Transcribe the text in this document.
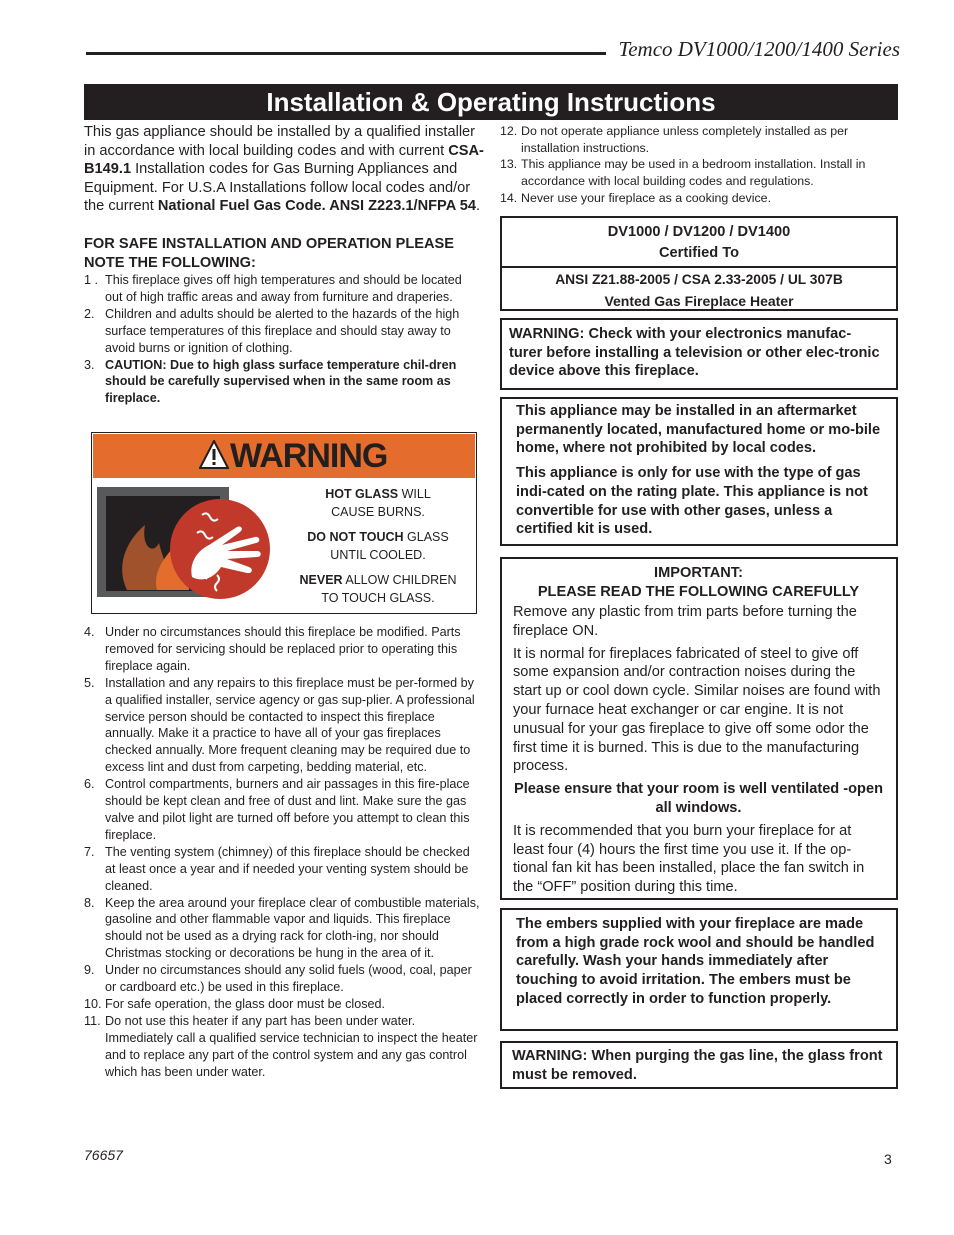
Temco DV1000/1200/1400 Series
Installation & Operating Instructions

This gas appliance should be installed by a qualified installer in accordance with local building codes and with current CSA-B149.1 Installation codes for Gas Burning Appliances and Equipment. For U.S.A Installations follow local codes and/or the current National Fuel Gas Code. ANSI Z223.1/NFPA 54.

FOR SAFE INSTALLATION AND OPERATION PLEASE NOTE THE FOLLOWING:
1 . This fireplace gives off high temperatures and should be located out of high traffic areas and away from furniture and draperies.
2. Children and adults should be alerted to the hazards of the high surface temperatures of this fireplace and should stay away to avoid burns or ignition of clothing.
3. CAUTION: Due to high glass surface temperature chil-dren should be carefully supervised when in the same room as fireplace.
WARNING
HOT GLASS WILL
CAUSE BURNS.
DO NOT TOUCH GLASS
UNTIL COOLED.
NEVER ALLOW CHILDREN
TO TOUCH GLASS.
4. Under no circumstances should this fireplace be modified. Parts removed for servicing should be replaced prior to operating this fireplace again.
5. Installation and any repairs to this fireplace must be per-formed by a qualified installer, service agency or gas sup-plier. A professional service person should be contacted to inspect this fireplace annually. Make it a practice to have all of your gas fireplaces checked annually. More frequent cleaning may be required due to excess lint and dust from carpeting, bedding material, etc.
6. Control compartments, burners and air passages in this fire-place should be kept clean and free of dust and lint. Make sure the gas valve and pilot light are turned off before you attempt to clean this fireplace.
7. The venting system (chimney) of this fireplace should be checked at least once a year and if needed your venting system should be cleaned.
8. Keep the area around your fireplace clear of combustible materials, gasoline and other flammable vapor and liquids. This fireplace should not be used as a drying rack for cloth-ing, nor should Christmas stocking or decorations be hung in the area of it.
9. Under no circumstances should any solid fuels (wood, coal, paper or cardboard etc.) be used in this fireplace.
10. For safe operation, the glass door must be closed.
11. Do not use this heater if any part has been under water. Immediately call a qualified service technician to inspect the heater and to replace any part of the control system and any gas control which has been under water.
12. Do not operate appliance unless completely installed as per installation instructions.
13. This appliance may be used in a bedroom installation. Install in accordance with local building codes and regulations.
14. Never use your fireplace as a cooking device.
DV1000 / DV1200 / DV1400
Certified To
ANSI Z21.88-2005 / CSA 2.33-2005 / UL 307B
Vented Gas Fireplace Heater
WARNING: Check with your electronics manufac-turer before installing a television or other elec-tronic device above this fireplace.
This appliance may be installed in an aftermarket permanently located, manufactured home or mo-bile home, where not prohibited by local codes.
This appliance is only for use with the type of gas indi-cated on the rating plate. This appliance is not convertible for use with other gases, unless a certified kit is used.
IMPORTANT:
PLEASE READ THE FOLLOWING CAREFULLY

Remove any plastic from trim parts before turning the fireplace ON.

It is normal for fireplaces fabricated of steel to give off some expansion and/or contraction noises during the start up or cool down cycle. Similar noises are found with your furnace heat exchanger or car engine. It is not unusual for your gas fireplace to give off some odor the first time it is burned. This is due to the manufacturing process.

Please ensure that your room is well ventilated -open all windows.

It is recommended that you burn your fireplace for at least four (4) hours the first time you use it. If the op-tional fan kit has been installed, place the fan switch in the “OFF” position during this time.

The embers supplied with your fireplace are made from a high grade rock wool and should be handled carefully. Wash your hands immediately after touching to avoid irritation. The embers must be placed correctly in order to function properly.
WARNING: When purging the gas line, the glass front must be removed.
76657	3
